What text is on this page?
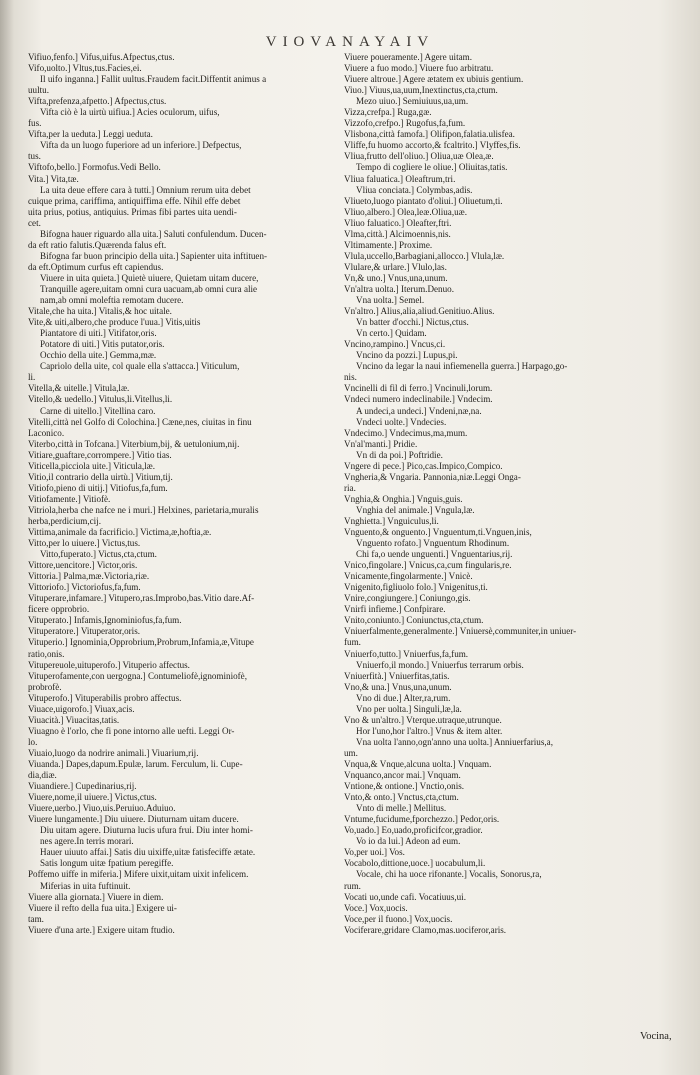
VIOVANAYAIV
Vifiuo,fenfo.] Vifus,uifus.Afpectus,ctus.
Vifo,uolto.] Vltus,tus.Facies,ei.
Il uifo inganna.] Fallit uultus.Fraudem facit.Diffentit animus a
uultu.
Vifta,prefenza,afpetto.] Afpectus,ctus.
Vifta ciò è la uirtù uifiua.] Acies oculorum, uifus,
fus.
Vifta,per la ueduta.] Leggi ueduta.
Vifta da un luogo fuperiore ad un inferiore.] Defpectus,
tus.
Viftofo,bello.] Formofus.Vedi Bello.
Vita.] Vita,tæ.
La uita deue effere cara à tutti.] Omnium rerum uita debet
cuique prima, cariffima, antiquiffima effe. Nihil effe debet
uita prius, potius, antiquius. Primas fibi partes uita uendi-
cet.
Bifogna hauer riguardo alla uita.] Saluti confulendum. Ducen-
da eft ratio falutis.Quærenda falus eft.
Bifogna far buon principio della uita.] Sapienter uita inftituen-
da eft.Optimum curfus eft capiendus.
Viuere in uita quieta.] Quietè uiuere, Quietam uitam ducere,
Tranquille agere,uitam omni cura uacuam,ab omni cura alie
nam,ab omni moleftia remotam ducere.
Vitale,che ha uita.] Vitalis,& hoc uitale.
Vite,& uiti,albero,che produce l'uua.] Vitis,uitis
Piantatore di uiti.] Vitifator,oris.
Potatore di uiti.] Vitis putator,oris.
Occhio della uite.] Gemma,mæ.
Capriolo della uite, col quale ella s'attacca.] Viticulum,
li.
Vitella,& uitelle.] Vitula,læ.
Vitello,& uedello.] Vitulus,li.Vitellus,li.
Carne di uitello.] Vitellina caro.
Vitelli,città nel Golfo di Colochina.] Cæne,nes, ciuitas in finu
Laconico.
Viterbo,città in Tofcana.] Viterbium,bij, & uetulonium,nij.
Vitiare,guaftare,corrompere.] Vitio tias.
Viticella,picciola uite.] Viticula,læ.
Vitio,il contrario della uirtù.] Vitium,tij.
Vitiofo,pieno di uitij.] Vitiofus,fa,fum.
Vitiofamente.] Vitiofè.
Vitriola,herba che nafce ne i muri.] Helxines, parietaria,muralis
herba,perdicium,cij.
Vittima,animale da facrificio.] Victima,æ,hoftia,æ.
Vitto,per lo uiuere.] Victus,tus.
Vitto,fuperato.] Victus,cta,ctum.
Vittore,uencitore.] Victor,oris.
Vittoria.] Palma,mæ.Victoria,riæ.
Vittoriofo.] Victoriofus,fa,fum.
Vituperare,infamare.] Vitupero,ras.Improbo,bas.Vitio dare.Af-
ficere opprobrio.
Vituperato.] Infamis,Ignominiofus,fa,fum.
Vituperatore.] Vituperator,oris.
Vituperio.] Ignominia,Opprobrium,Probrum,Infamia,æ,Vitupe
ratio,onis.
Vitupereuole,uituperofo.] Vituperio affectus.
Vituperofamente,con uergogna.] Contumeliofè,ignominiofè,
probrofè.
Vituperofo.] Vituperabilis probro affectus.
Viuace,uigorofo.] Viuax,acis.
Viuacità.] Viuacitas,tatis.
Viuagno è l'orlo, che fi pone intorno alle uefti. Leggi Or-
lo.
Viuaio,luogo da nodrire animali.] Viuarium,rij.
Viuanda.] Dapes,dapum.Epulæ, larum. Ferculum, li. Cupe-
dia,diæ.
Viuandiere.] Cupedinarius,rij.
Viuere,nome,il uiuere.] Victus,ctus.
Viuere,uerbo.] Viuo,uis.Peruiuo.Aduiuo.
Viuere lungamente.] Diu uiuere. Diuturnam uitam ducere.
Diu uitam agere. Diuturna lucis ufura frui. Diu inter homi-
nes agere.In terris morari.
Hauer uiuuto affai.] Satis diu uixiffe,uitæ fatisfeciffe ætate.
Satis longum uitæ fpatium peregiffe.
Poffemo uiffe in miferia.] Mifere uixit,uitam uixit infelicem.
Miferias in uita fuftinuit.
Viuere alla giornata.] Viuere in diem.
Viuere il refto della fua uita.] Exigere ui-
tam.
Viuere d'una arte.] Exigere uitam ftudio.
Viuere poueramente.] Agere uitam.
Viuere a fuo modo.] Viuere fuo arbitratu.
Viuere altroue.] Agere ætatem ex ubiuis gentium.
Viuo.] Viuus,ua,uum,Inextinctus,cta,ctum.
Mezo uiuo.] Semiuiuus,ua,um.
Vizza,crefpa.] Ruga,gæ.
Vizzofo,crefpo.] Rugofus,fa,fum.
Vlisbona,città famofa.] Olifipon,falatia.ulisfea.
Vliffe,fu huomo accorto,& fcaltrito.] Vlyffes,fis.
Vliua,frutto dell'oliuo.] Oliua,uæ Olea,æ.
Tempo di cogliere le oliue.] Oliuitas,tatis.
Vliua faluatica.] Oleaftrum,tri.
Vliua conciata.] Colymbas,adis.
Vliueto,luogo piantato d'oliui.] Oliuetum,ti.
Vliuo,albero.] Olea,leæ.Oliua,uæ.
Vliuo faluatico.] Oleafter,ftri.
Vlma,città.] Alcimoennis,nis.
Vltimamente.] Proxime.
Vlula,uccello,Barbagiani,allocco.] Vlula,læ.
Vlulare,& urlare.] Vlulo,las.
Vn,& uno.] Vnus,una,unum.
Vn'altra uolta.] Iterum.Denuo.
Vna uolta.] Semel.
Vn'altro.] Alius,alia,aliud.Genitiuo.Alius.
Vn batter d'occhi.] Nictus,ctus.
Vn certo.] Quidam.
Vncino,rampino.] Vncus,ci.
Vncino da pozzi.] Lupus,pi.
Vncino da legar la naui infiemenella guerra.] Harpago,go-
nis.
Vncinelli di fil di ferro.] Vncinuli,lorum.
Vndeci numero indeclinabile.] Vndecim.
A undeci,a undeci.] Vndeni,næ,na.
Vndeci uolte.] Vndecies.
Vndecimo.] Vndecimus,ma,mum.
Vn'al'manti.] Pridie.
Vn di da poi.] Poftridie.
Vngere di pece.] Pico,cas.Impico,Compico.
Vngheria,& Vngaria. Pannonia,niæ.Leggi Onga-
ria.
Vnghia,& Onghia.] Vnguis,guis.
Vnghia del animale.] Vngula,læ.
Vnghietta.] Vnguiculus,li.
Vnguento,& onguento.] Vnguentum,ti.Vnguen,inis,
Vnguento rofato.] Vnguentum Rhodinum.
Chi fa,o uende unguenti.] Vnguentarius,rij.
Vnico,fingolare.] Vnicus,ca,cum fingularis,re.
Vnicamente,fingolarmente.] Vnicè.
Vnigenito,figliuolo folo.] Vnigenitus,ti.
Vnire,congiungere.] Coniungo,gis.
Vnirfi infieme.] Confpirare.
Vnito,coniunto.] Coniunctus,cta,ctum.
Vniuerfalmente,generalmente.] Vniuersè,communiter,in uniuer-
fum.
Vniuerfo,tutto.] Vniuerfus,fa,fum.
Vniuerfo,il mondo.] Vniuerfus terrarum orbis.
Vniuerfità.] Vniuerfitas,tatis.
Vno,& una.] Vnus,una,unum.
Vno di due.] Alter,ra,rum.
Vno per uolta.] Singuli,læ,la.
Vno & un'altro.] Vterque.utraque,utrunque.
Hor l'uno,hor l'altro.] Vnus & item alter.
Vna uolta l'anno,ogn'anno una uolta.] Anniuerfarius,a,
um.
Vnqua,& Vnque,alcuna uolta.] Vnquam.
Vnquanco,ancor mai.] Vnquam.
Vntione,& ontione.] Vnctio,onis.
Vnto,& onto.] Vnctus,cta,ctum.
Vnto di melle.] Mellitus.
Vntume,fucidume,fporchezzo.] Pedor,oris.
Vo,uado.] Eo,uado,proficifcor,gradior.
Vo io da lui.] Adeon ad eum.
Vo,per uoi.] Vos.
Vocabolo,dittione,uoce.] uocabulum,li.
Vocale, chi ha uoce rifonante.] Vocalis, Sonorus,ra,
rum.
Vocati uo,unde cafi. Vocatiuus,ui.
Voce.] Vox,uocis.
Voce,per il fuono.] Vox,uocis.
Vociferare,gridare Clamo,mas.uociferor,aris.
Vocina,
